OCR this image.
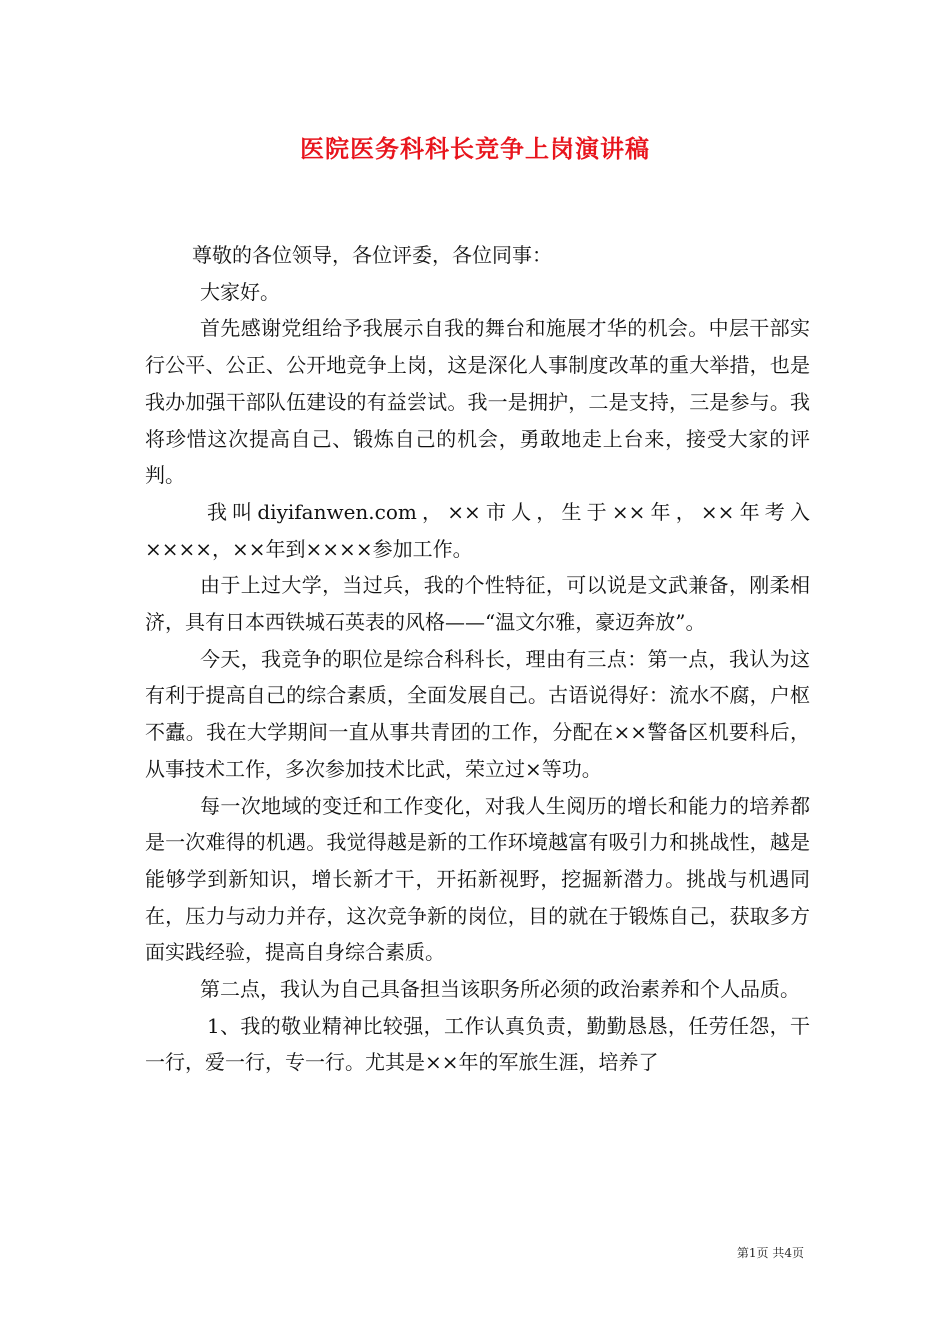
医院医务科科长竞争上岗演讲稿

尊敬的各位领导，各位评委，各位同事：

大家好。

首先感谢党组给予我展示自我的舞台和施展才华的机会。中层干部实行公平、公正、公开地竞争上岗，这是深化人事制度改革的重大举措，也是我办加强干部队伍建设的有益尝试。我一是拥护，二是支持，三是参与。我将珍惜这次提高自己、锻炼自己的机会，勇敢地走上台来，接受大家的评判。

我叫diyifanwen.com，××市人，生于××年，××年考入××××，××年到××××参加工作。

由于上过大学，当过兵，我的个性特征，可以说是文武兼备，刚柔相济，具有日本西铁城石英表的风格——“温文尔雅，豪迈奔放”。

今天，我竞争的职位是综合科科长，理由有三点：第一点，我认为这有利于提高自己的综合素质，全面发展自己。古语说得好：流水不腐，户枢不蠹。我在大学期间一直从事共青团的工作，分配在××警备区机要科后，从事技术工作，多次参加技术比武，荣立过×等功。

每一次地域的变迁和工作变化，对我人生阅历的增长和能力的培养都是一次难得的机遇。我觉得越是新的工作环境越富有吸引力和挑战性，越是能够学到新知识，增长新才干，开拓新视野，挖掘新潜力。挑战与机遇同在，压力与动力并存，这次竞争新的岗位，目的就在于锻炼自己，获取多方面实践经验，提高自身综合素质。

第二点，我认为自己具备担当该职务所必须的政治素养和个人品质。

1、我的敬业精神比较强，工作认真负责，勤勤恳恳，任劳任怨，干一行，爱一行，专一行。尤其是××年的军旅生涯，培养了

第1页 共4页
